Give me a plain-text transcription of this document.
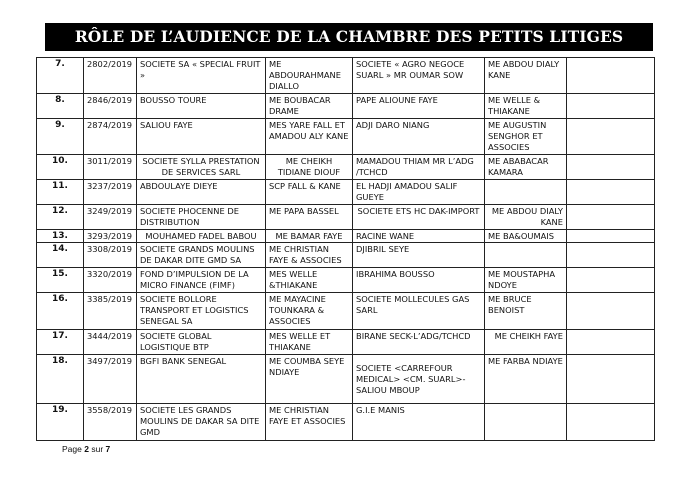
RÔLE DE L’AUDIENCE DE LA CHAMBRE DES PETITS LITIGES
7.	2802/2019	SOCIETE SA « SPECIAL FRUIT »	ME ABDOURAHMANE DIALLO	SOCIETE « AGRO NEGOCE SUARL » MR OUMAR SOW	ME ABDOU DIALY KANE	
8.	2846/2019	BOUSSO TOURE	ME BOUBACAR DRAME	PAPE ALIOUNE FAYE	ME WELLE & THIAKANE	
9.	2874/2019	SALIOU FAYE	MES YARE FALL ET AMADOU ALY KANE	ADJI DARO NIANG	ME AUGUSTIN SENGHOR ET ASSOCIES	
10.	3011/2019	SOCIETE SYLLA PRESTATION DE SERVICES SARL	ME CHEIKH TIDIANE DIOUF	MAMADOU THIAM MR L’ADG /TCHCD	ME ABABACAR KAMARA	
11.	3237/2019	ABDOULAYE DIEYE	SCP FALL & KANE	EL HADJI AMADOU SALIF GUEYE		
12.	3249/2019	SOCIETE PHOCENNE DE DISTRIBUTION	ME PAPA BASSEL	SOCIETE ETS HC DAK-IMPORT	ME ABDOU DIALY KANE	
13.	3293/2019	MOUHAMED FADEL BABOU	ME BAMAR FAYE	RACINE WANE	ME BA&OUMAIS	
14.	3308/2019	SOCIETE GRANDS MOULINS DE DAKAR DITE GMD SA	ME CHRISTIAN FAYE & ASSOCIES	DJIBRIL SEYE		
15.	3320/2019	FOND D’IMPULSION DE LA MICRO FINANCE (FIMF)	MES WELLE &THIAKANE	IBRAHIMA BOUSSO	ME MOUSTAPHA NDOYE	
16.	3385/2019	SOCIETE BOLLORE TRANSPORT ET LOGISTICS SENEGAL SA	ME MAYACINE TOUNKARA & ASSOCIES	SOCIETE MOLLECULES GAS SARL	ME BRUCE BENOIST	
17.	3444/2019	SOCIETE GLOBAL LOGISTIQUE BTP	MES WELLE ET THIAKANE	BIRANE SECK-L’ADG/TCHCD	ME CHEIKH FAYE	
18.	3497/2019	BGFI BANK SENEGAL	ME COUMBA SEYE NDIAYE	SOCIETE <CARREFOUR MEDICAL> <CM. SUARL>- SALIOU MBOUP	ME FARBA NDIAYE	
19.	3558/2019	SOCIETE LES GRANDS MOULINS DE DAKAR SA DITE GMD	ME CHRISTIAN FAYE ET ASSOCIES	G.I.E MANIS		
Page 2 sur 7
